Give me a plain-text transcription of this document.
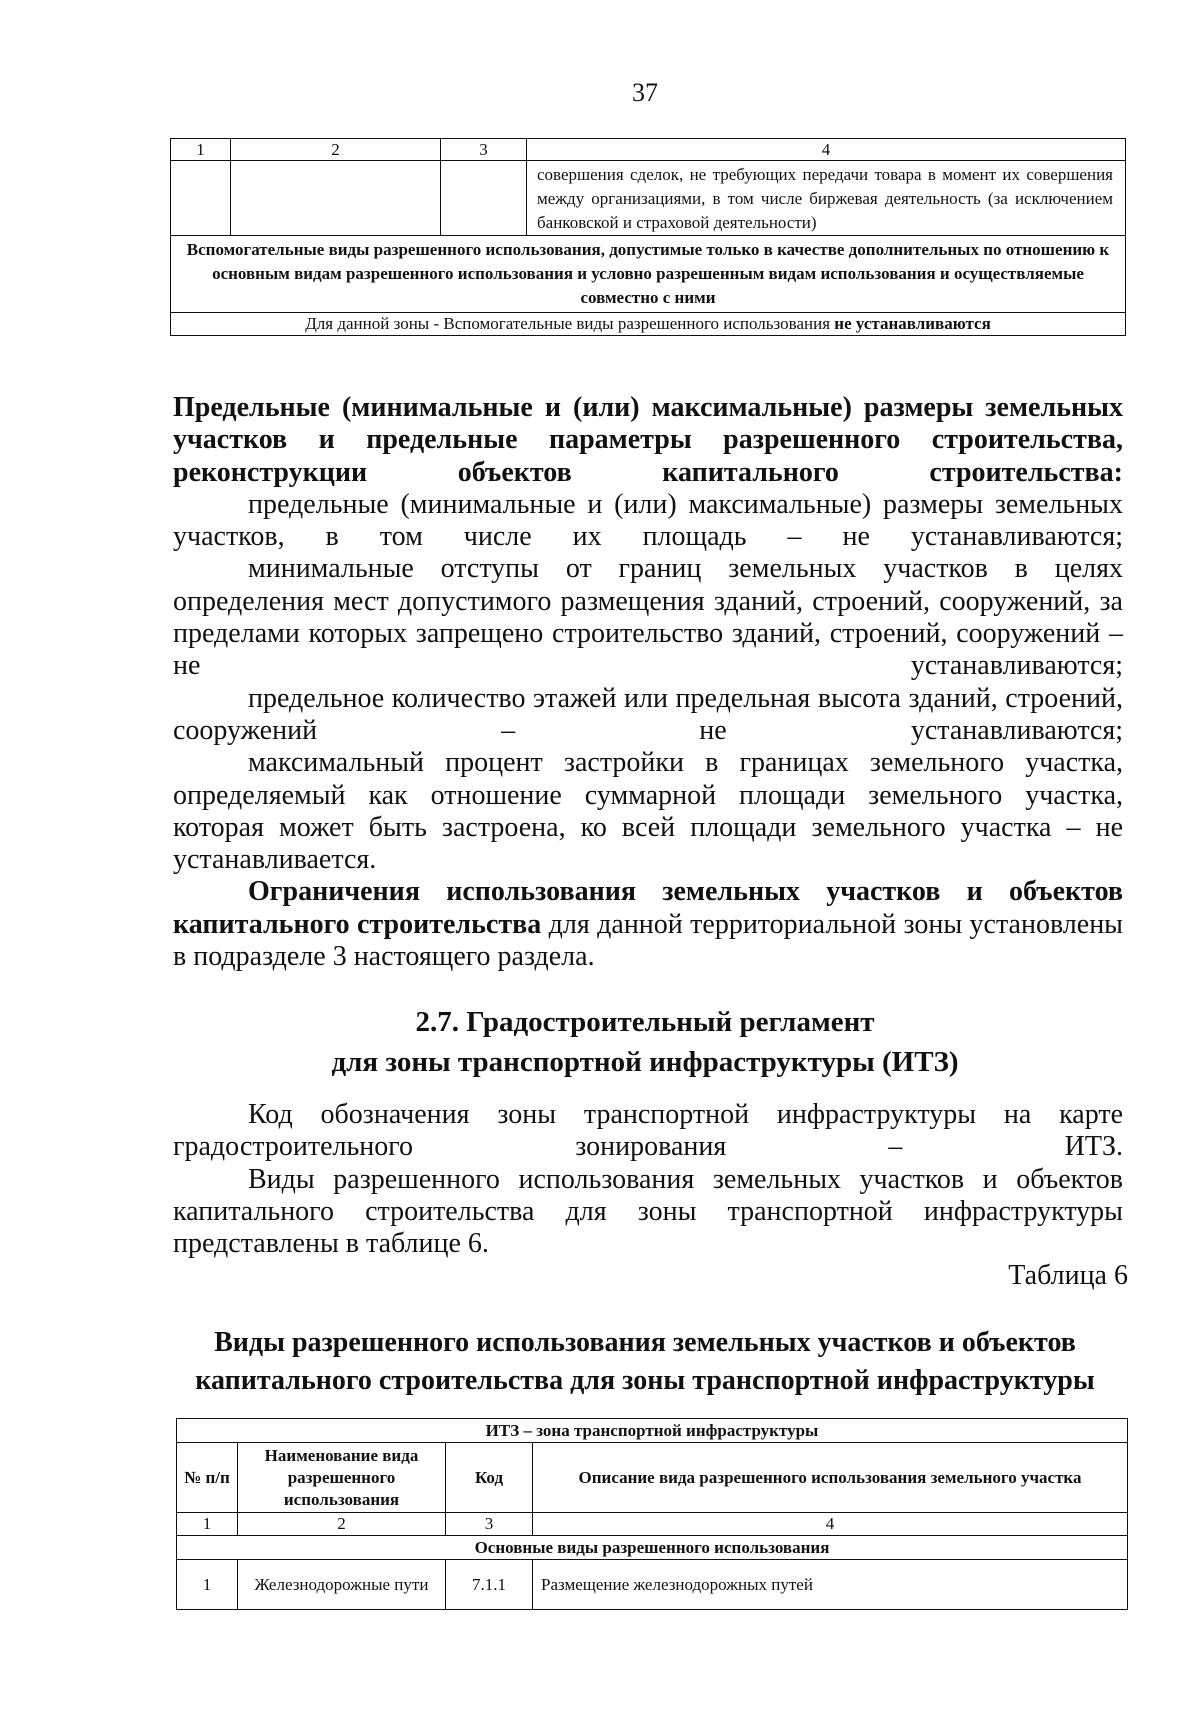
37
1	2	3	4
			совершения сделок, не требующих передачи товара в момент их совершения между организациями, в том числе биржевая деятельность (за исключением банковской и страховой деятельности)
Вспомогательные виды разрешенного использования, допустимые только в качестве дополнительных по отношению к основным видам разрешенного использования и условно разрешенным видам использования и осуществляемые совместно с ними			
Для данной зоны - Вспомогательные виды разрешенного использования не устанавливаются			
Предельные (минимальные и (или) максимальные) размеры земельных участков и предельные параметры разрешенного строительства, реконструкции объектов капитального строительства:
предельные (минимальные и (или) максимальные) размеры земельных участков, в том числе их площадь – не устанавливаются;
минимальные отступы от границ земельных участков в целях определения мест допустимого размещения зданий, строений, сооружений, за пределами которых запрещено строительство зданий, строений, сооружений – не устанавливаются;
предельное количество этажей или предельная высота зданий, строений, сооружений – не устанавливаются;
максимальный процент застройки в границах земельного участка, определяемый как отношение суммарной площади земельного участка, которая может быть застроена, ко всей площади земельного участка – не устанавливается.
Ограничения использования земельных участков и объектов капитального строительства для данной территориальной зоны установлены в подразделе 3 настоящего раздела.
2.7. Градостроительный регламент
для зоны транспортной инфраструктуры (ИТЗ)
Код обозначения зоны транспортной инфраструктуры на карте градостроительного зонирования – ИТЗ.
Виды разрешенного использования земельных участков и объектов капитального строительства для зоны транспортной инфраструктуры представлены в таблице 6.
Таблица 6
Виды разрешенного использования земельных участков и объектов
капитального строительства для зоны транспортной инфраструктуры
ИТЗ – зона транспортной инфраструктуры			
№ п/п	Наименование вида разрешенного использования	Код	Описание вида разрешенного использования земельного участка
1	2	3	4
Основные виды разрешенного использования			
1	Железнодорожные пути	7.1.1	Размещение железнодорожных путей
